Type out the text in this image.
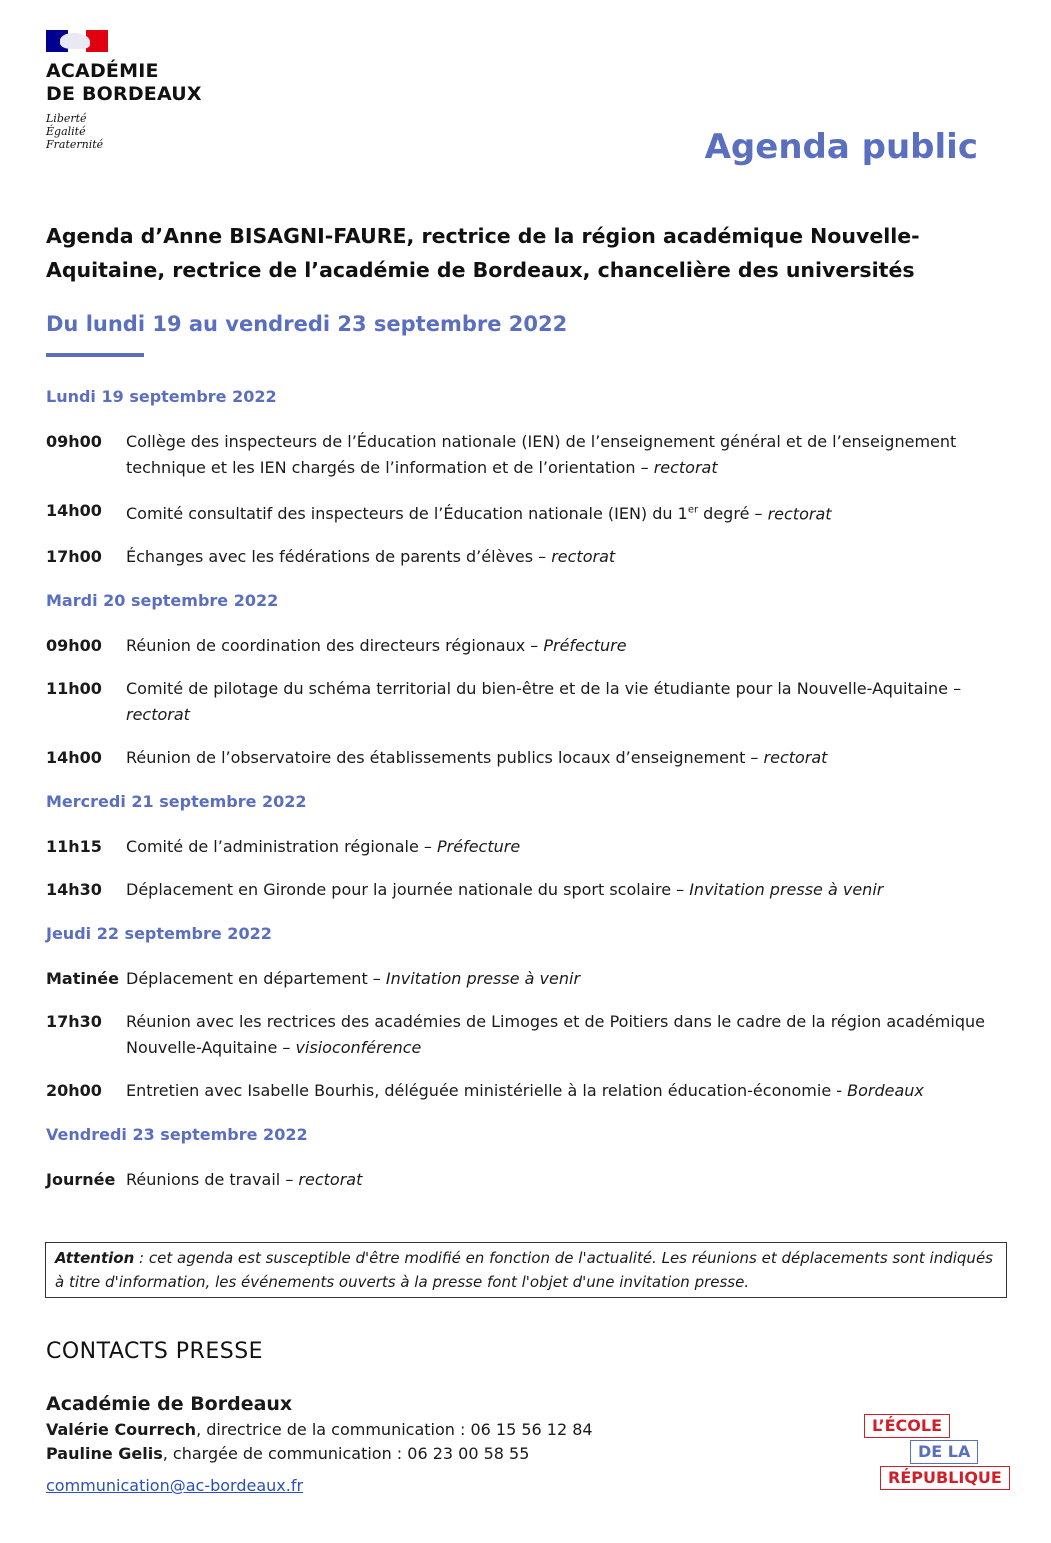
ACADÉMIE
DE BORDEAUX
Liberté
Égalité
Fraternité	Agenda public
Agenda d’Anne BISAGNI-FAURE, rectrice de la région académique Nouvelle-
Aquitaine, rectrice de l’académie de Bordeaux, chancelière des universités
Du lundi 19 au vendredi 23 septembre 2022
Lundi 19 septembre 2022
09h00	Collège des inspecteurs de l’Éducation nationale (IEN) de l’enseignement général et de l’enseignement technique et les IEN chargés de l’information et de l’orientation – rectorat
14h00	Comité consultatif des inspecteurs de l’Éducation nationale (IEN) du 1er degré – rectorat
17h00	Échanges avec les fédérations de parents d’élèves – rectorat
Mardi 20 septembre 2022
09h00	Réunion de coordination des directeurs régionaux – Préfecture
11h00	Comité de pilotage du schéma territorial du bien-être et de la vie étudiante pour la Nouvelle-Aquitaine – rectorat
14h00	Réunion de l’observatoire des établissements publics locaux d’enseignement – rectorat
Mercredi 21 septembre 2022
11h15	Comité de l’administration régionale – Préfecture
14h30	Déplacement en Gironde pour la journée nationale du sport scolaire – Invitation presse à venir
Jeudi 22 septembre 2022
Matinée Déplacement en département – Invitation presse à venir
17h30	Réunion avec les rectrices des académies de Limoges et de Poitiers dans le cadre de la région académique Nouvelle-Aquitaine – visioconférence
20h00	Entretien avec Isabelle Bourhis, déléguée ministérielle à la relation éducation-économie - Bordeaux
Vendredi 23 septembre 2022
Journée Réunions de travail – rectorat
Attention : cet agenda est susceptible d'être modifié en fonction de l'actualité. Les réunions et déplacements sont indiqués à titre d'information, les événements ouverts à la presse font l'objet d'une invitation presse.
CONTACTS PRESSE
Académie de Bordeaux
Valérie Courrech, directrice de la communication : 06 15 56 12 84
Pauline Gelis, chargée de communication : 06 23 00 58 55
communication@ac-bordeaux.fr
L’ÉCOLE
DE LA
RÉPUBLIQUE
